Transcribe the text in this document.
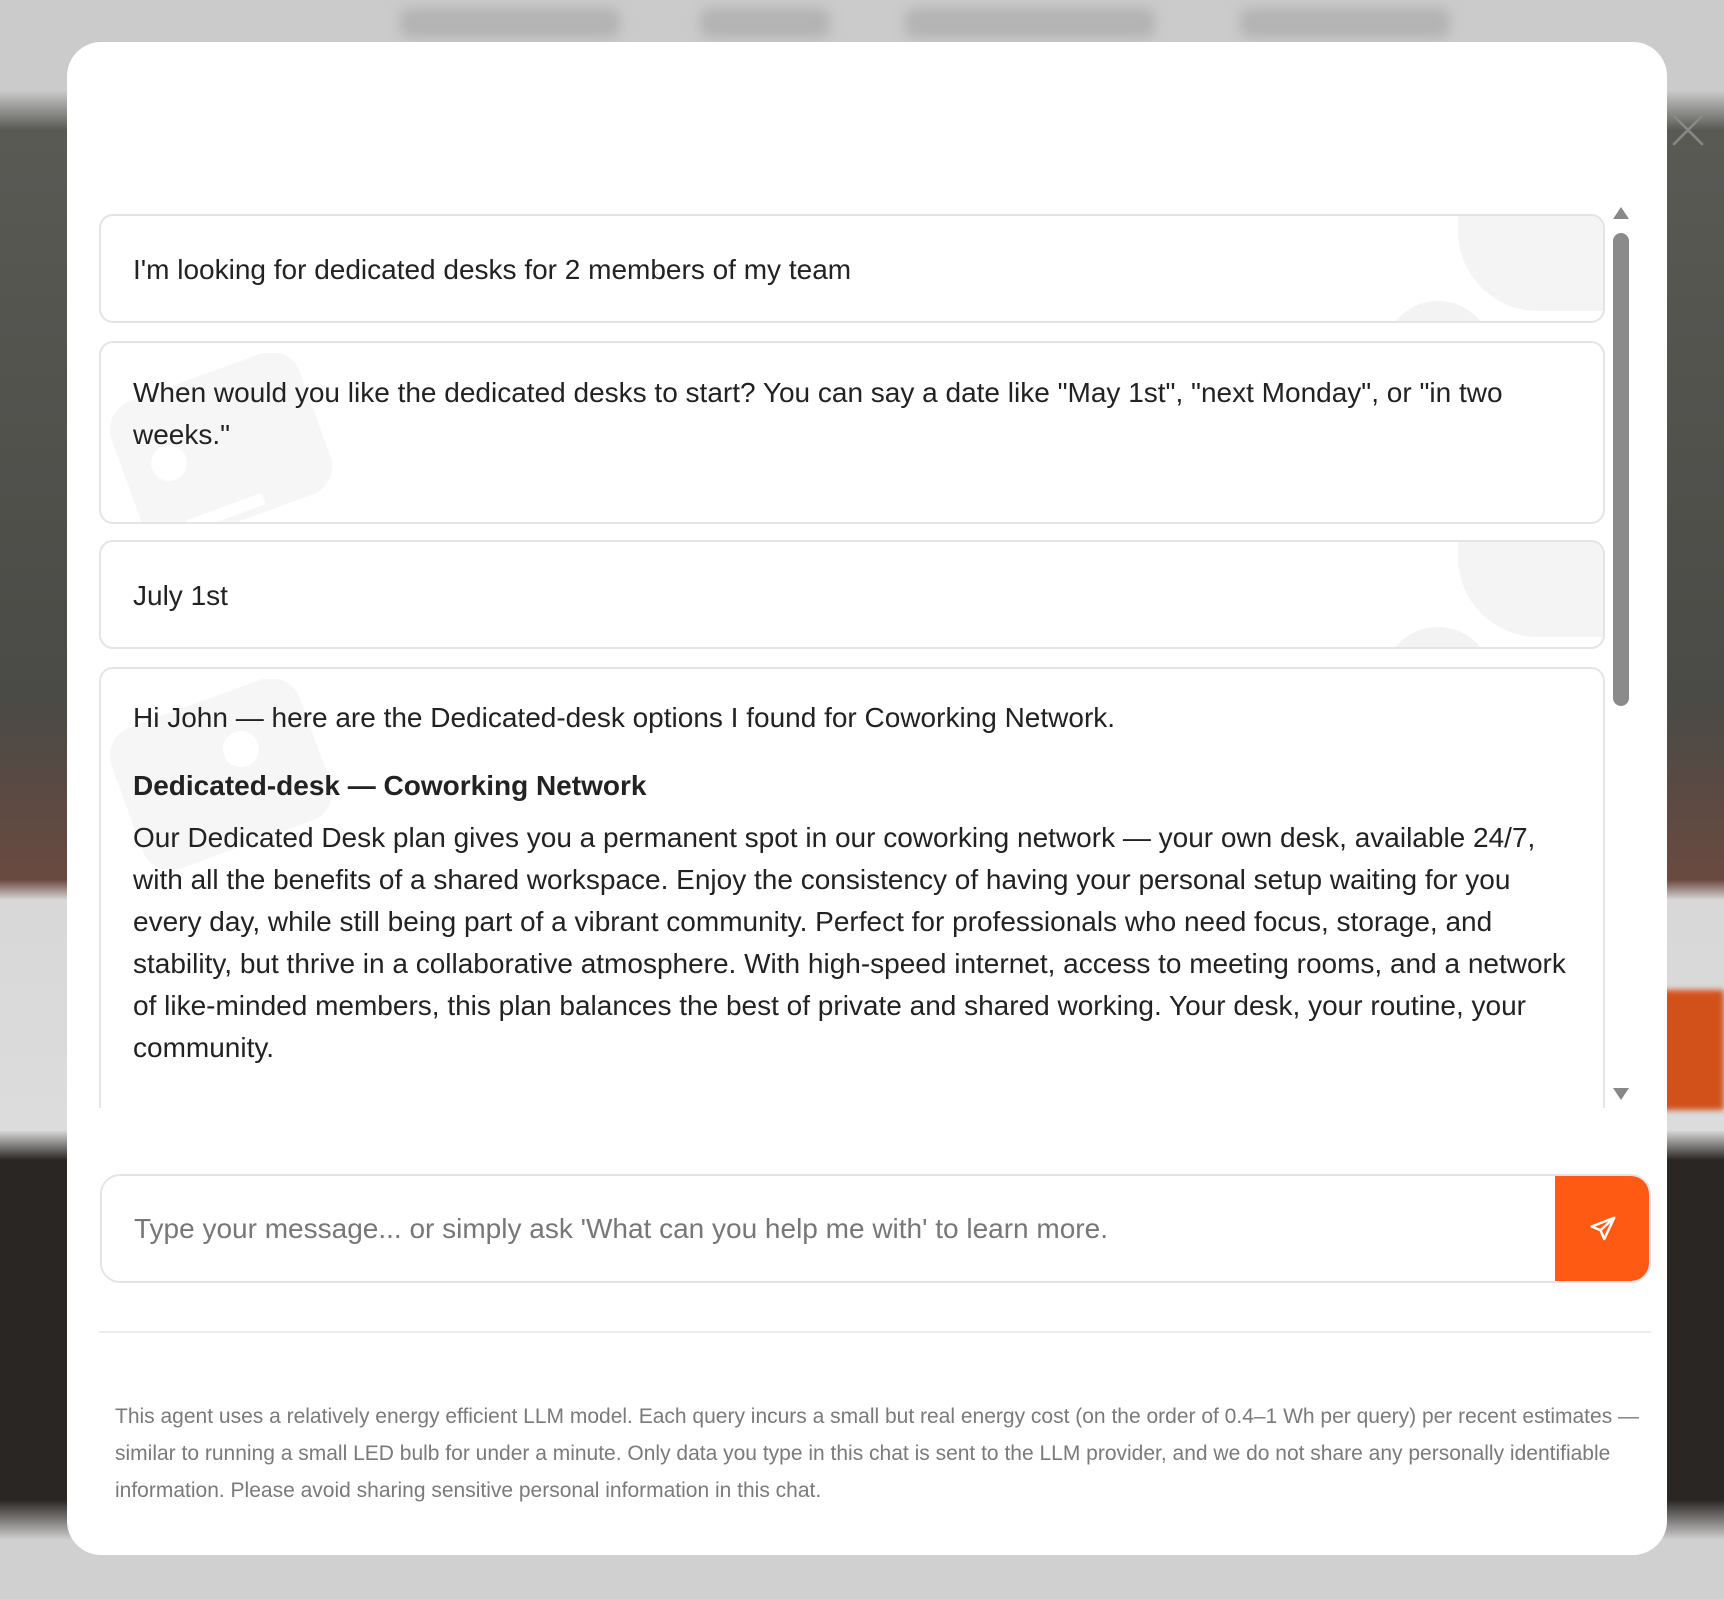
I'm looking for dedicated desks for 2 members of my team
When would you like the dedicated desks to start? You can say a date like "May 1st", "next Monday", or "in two weeks."
July 1st
Hi John — here are the Dedicated-desk options I found for Coworking Network.
Dedicated-desk — Coworking Network
Our Dedicated Desk plan gives you a permanent spot in our coworking network — your own desk, available 24/7, with all the benefits of a shared workspace. Enjoy the consistency of having your personal setup waiting for you every day, while still being part of a vibrant community. Perfect for professionals who need focus, storage, and stability, but thrive in a collaborative atmosphere. With high-speed internet, access to meeting rooms, and a network of like-minded members, this plan balances the best of private and shared working. Your desk, your routine, your community.
Type your message... or simply ask 'What can you help me with' to learn more.
This agent uses a relatively energy efficient LLM model. Each query incurs a small but real energy cost (on the order of 0.4–1 Wh per query) per recent estimates — similar to running a small LED bulb for under a minute. Only data you type in this chat is sent to the LLM provider, and we do not share any personally identifiable information. Please avoid sharing sensitive personal information in this chat.
